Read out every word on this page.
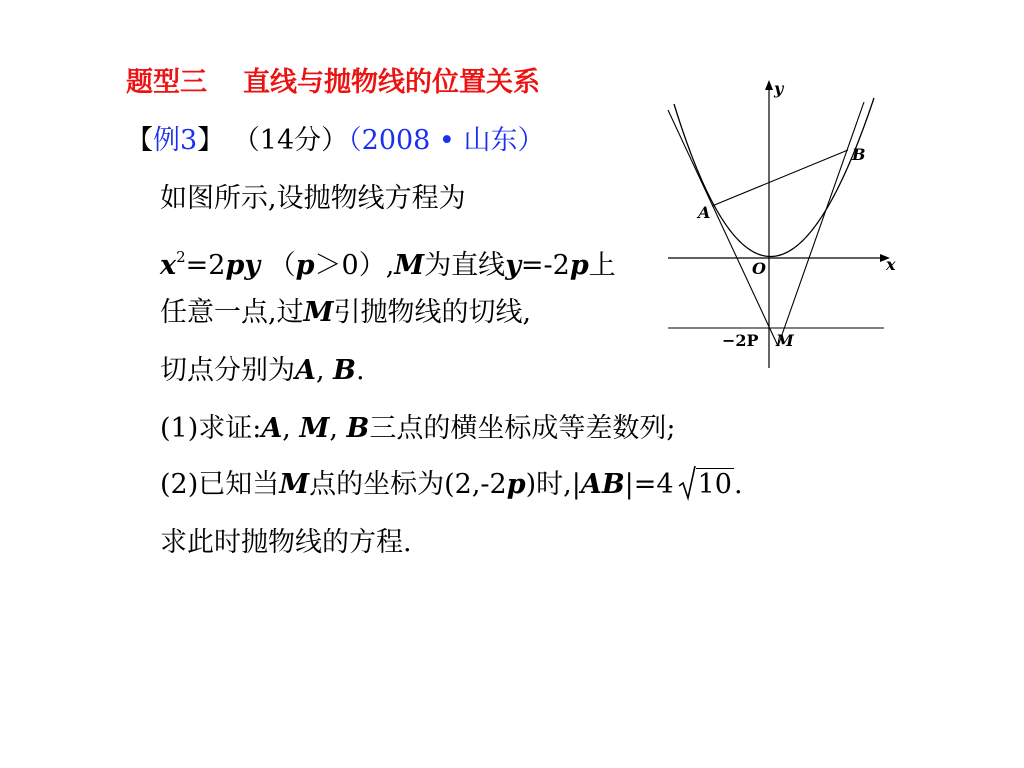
题型三 直线与抛物线的位置关系
【例3】 （14分）（2008 • 山东）
如图所示,设抛物线方程为
$x^2=2py$ （p＞0）,M为直线y=-2p上
任意一点,过M引抛物线的切线,
切点分别为A, B.
(1)求证:A, M, B三点的横坐标成等差数列;
(2)已知当M点的坐标为(2,-2p)时,|AB|=4 10.
求此时抛物线的方程.
y
x
B
A
O
−2P M
